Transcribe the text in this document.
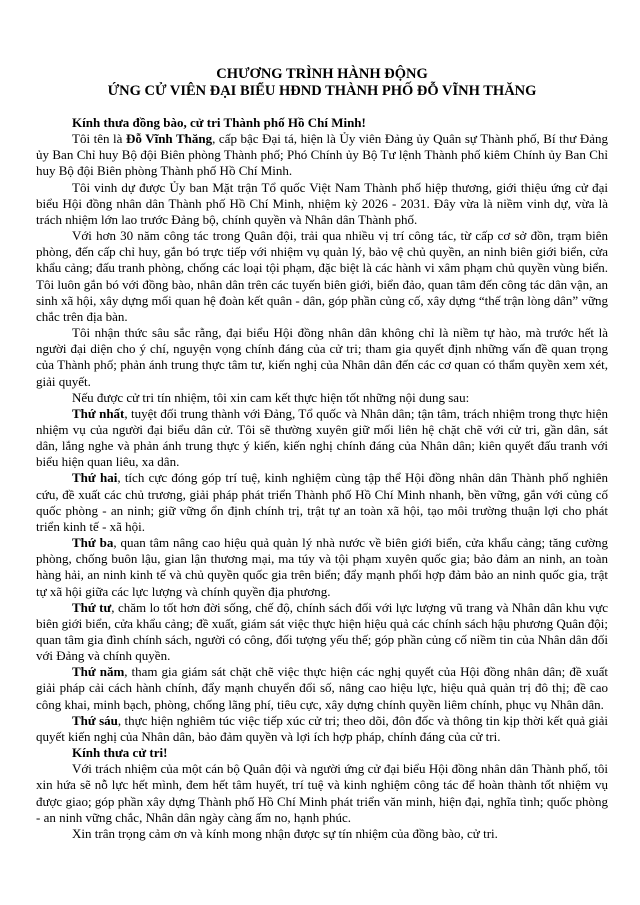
CHƯƠNG TRÌNH HÀNH ĐỘNG
ỨNG CỬ VIÊN ĐẠI BIỂU HĐND THÀNH PHỐ ĐỖ VĨNH THĂNG

Kính thưa đồng bào, cử tri Thành phố Hồ Chí Minh!

Tôi tên là Đỗ Vĩnh Thăng, cấp bậc Đại tá, hiện là Ủy viên Đảng ủy Quân sự Thành phố, Bí thư Đảng ủy Ban Chỉ huy Bộ đội Biên phòng Thành phố; Phó Chính ủy Bộ Tư lệnh Thành phố kiêm Chính ủy Ban Chỉ huy Bộ đội Biên phòng Thành phố Hồ Chí Minh.

Tôi vinh dự được Ủy ban Mặt trận Tổ quốc Việt Nam Thành phố hiệp thương, giới thiệu ứng cử đại biểu Hội đồng nhân dân Thành phố Hồ Chí Minh, nhiệm kỳ 2026 - 2031. Đây vừa là niềm vinh dự, vừa là trách nhiệm lớn lao trước Đảng bộ, chính quyền và Nhân dân Thành phố.

Với hơn 30 năm công tác trong Quân đội, trải qua nhiều vị trí công tác, từ cấp cơ sở đồn, trạm biên phòng, đến cấp chỉ huy, gắn bó trực tiếp với nhiệm vụ quản lý, bảo vệ chủ quyền, an ninh biên giới biển, cửa khẩu cảng; đấu tranh phòng, chống các loại tội phạm, đặc biệt là các hành vi xâm phạm chủ quyền vùng biển. Tôi luôn gắn bó với đồng bào, nhân dân trên các tuyến biên giới, biển đảo, quan tâm đến công tác dân vận, an sinh xã hội, xây dựng mối quan hệ đoàn kết quân - dân, góp phần củng cố, xây dựng “thế trận lòng dân” vững chắc trên địa bàn.

Tôi nhận thức sâu sắc rằng, đại biểu Hội đồng nhân dân không chỉ là niềm tự hào, mà trước hết là người đại diện cho ý chí, nguyện vọng chính đáng của cử tri; tham gia quyết định những vấn đề quan trọng của Thành phố; phản ánh trung thực tâm tư, kiến nghị của Nhân dân đến các cơ quan có thẩm quyền xem xét, giải quyết.

Nếu được cử tri tín nhiệm, tôi xin cam kết thực hiện tốt những nội dung sau:

Thứ nhất, tuyệt đối trung thành với Đảng, Tổ quốc và Nhân dân; tận tâm, trách nhiệm trong thực hiện nhiệm vụ của người đại biểu dân cử. Tôi sẽ thường xuyên giữ mối liên hệ chặt chẽ với cử tri, gần dân, sát dân, lắng nghe và phản ánh trung thực ý kiến, kiến nghị chính đáng của Nhân dân; kiên quyết đấu tranh với biểu hiện quan liêu, xa dân.

Thứ hai, tích cực đóng góp trí tuệ, kinh nghiệm cùng tập thể Hội đồng nhân dân Thành phố nghiên cứu, đề xuất các chủ trương, giải pháp phát triển Thành phố Hồ Chí Minh nhanh, bền vững, gắn với củng cố quốc phòng - an ninh; giữ vững ổn định chính trị, trật tự an toàn xã hội, tạo môi trường thuận lợi cho phát triển kinh tế - xã hội.

Thứ ba, quan tâm nâng cao hiệu quả quản lý nhà nước về biên giới biển, cửa khẩu cảng; tăng cường phòng, chống buôn lậu, gian lận thương mại, ma túy và tội phạm xuyên quốc gia; bảo đảm an ninh, an toàn hàng hải, an ninh kinh tế và chủ quyền quốc gia trên biển; đẩy mạnh phối hợp đảm bảo an ninh quốc gia, trật tự xã hội giữa các lực lượng và chính quyền địa phương.

Thứ tư, chăm lo tốt hơn đời sống, chế độ, chính sách đối với lực lượng vũ trang và Nhân dân khu vực biên giới biển, cửa khẩu cảng; đề xuất, giám sát việc thực hiện hiệu quả các chính sách hậu phương Quân đội; quan tâm gia đình chính sách, người có công, đối tượng yếu thế; góp phần củng cố niềm tin của Nhân dân đối với Đảng và chính quyền.

Thứ năm, tham gia giám sát chặt chẽ việc thực hiện các nghị quyết của Hội đồng nhân dân; đề xuất giải pháp cải cách hành chính, đẩy mạnh chuyển đổi số, nâng cao hiệu lực, hiệu quả quản trị đô thị; đề cao công khai, minh bạch, phòng, chống lãng phí, tiêu cực, xây dựng chính quyền liêm chính, phục vụ Nhân dân.

Thứ sáu, thực hiện nghiêm túc việc tiếp xúc cử tri; theo dõi, đôn đốc và thông tin kịp thời kết quả giải quyết kiến nghị của Nhân dân, bảo đảm quyền và lợi ích hợp pháp, chính đáng của cử tri.

Kính thưa cử tri!

Với trách nhiệm của một cán bộ Quân đội và người ứng cử đại biểu Hội đồng nhân dân Thành phố, tôi xin hứa sẽ nỗ lực hết mình, đem hết tâm huyết, trí tuệ và kinh nghiệm công tác để hoàn thành tốt nhiệm vụ được giao; góp phần xây dựng Thành phố Hồ Chí Minh phát triển văn minh, hiện đại, nghĩa tình; quốc phòng - an ninh vững chắc, Nhân dân ngày càng ấm no, hạnh phúc.

Xin trân trọng cảm ơn và kính mong nhận được sự tín nhiệm của đồng bào, cử tri.
